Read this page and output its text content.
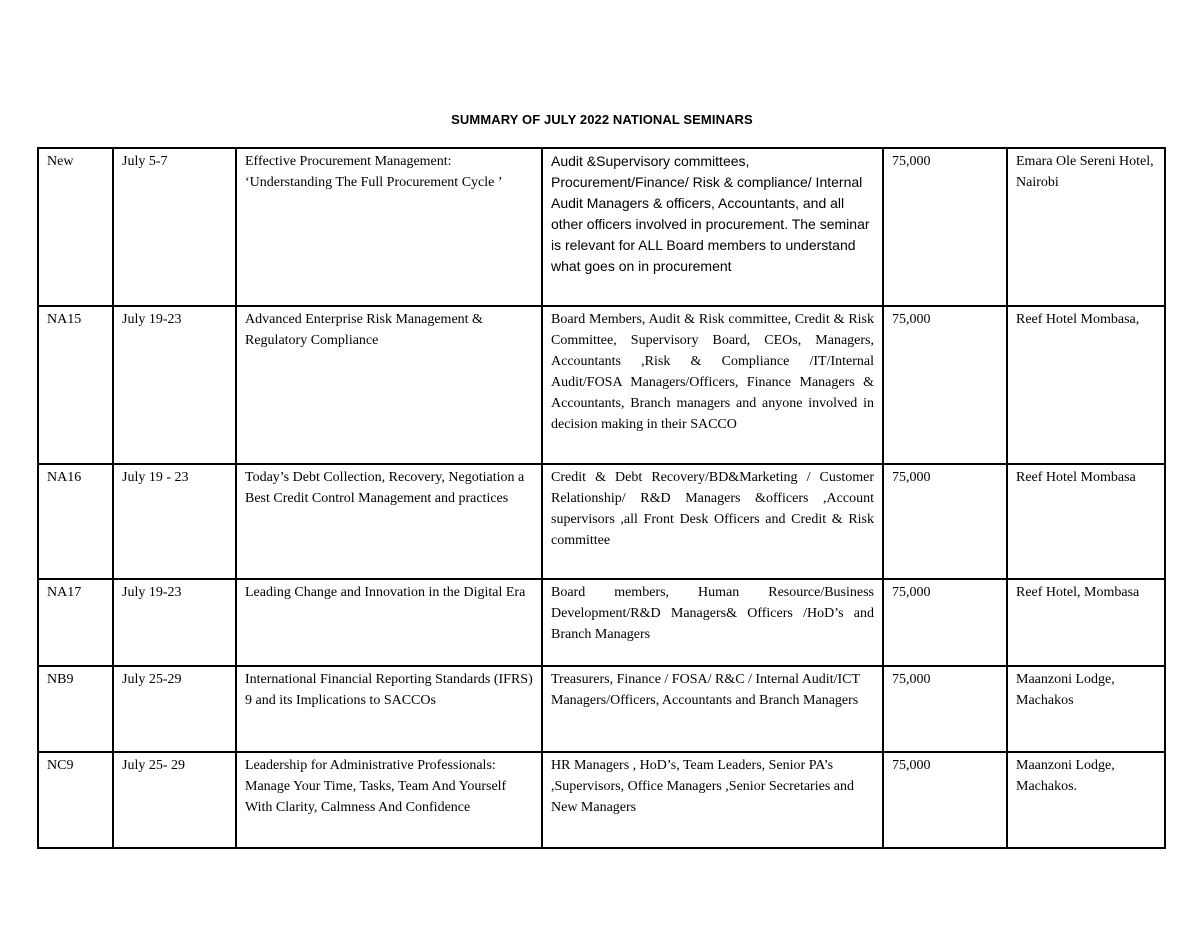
SUMMARY OF JULY 2022 NATIONAL SEMINARS
New	July 5-7	Effective Procurement Management: ‘Understanding The Full Procurement Cycle ’	Audit &Supervisory committees, Procurement/Finance/ Risk & compliance/ Internal Audit Managers & officers, Accountants, and all other officers involved in procurement. The seminar is relevant for ALL Board members to understand what goes on in procurement	75,000	Emara Ole Sereni Hotel, Nairobi
NA15	July 19-23	Advanced Enterprise Risk Management & Regulatory Compliance	Board Members, Audit & Risk committee, Credit & Risk Committee, Supervisory Board, CEOs, Managers, Accountants ,Risk & Compliance /IT/Internal Audit/FOSA Managers/Officers, Finance Managers & Accountants, Branch managers and anyone involved in decision making in their SACCO	75,000	Reef Hotel Mombasa,
NA16	July 19 - 23	Today’s Debt Collection, Recovery, Negotiation a Best Credit Control Management and practices	Credit & Debt Recovery/BD&Marketing / Customer Relationship/ R&D Managers &officers ,Account supervisors ,all Front Desk Officers and Credit & Risk committee	75,000	Reef Hotel Mombasa
NA17	July 19-23	Leading Change and Innovation in the Digital Era	Board members, Human Resource/Business Development/R&D Managers& Officers /HoD’s and Branch Managers	75,000	Reef Hotel, Mombasa
NB9	July 25-29	International Financial Reporting Standards (IFRS) 9 and its Implications to SACCOs	Treasurers, Finance / FOSA/ R&C / Internal Audit/ICT Managers/Officers, Accountants and Branch Managers	75,000	Maanzoni Lodge, Machakos
NC9	July 25- 29	Leadership for Administrative Professionals: Manage Your Time, Tasks, Team And Yourself With Clarity, Calmness And Confidence	HR Managers , HoD’s, Team Leaders, Senior PA’s ,Supervisors, Office Managers ,Senior Secretaries and New Managers	75,000	Maanzoni Lodge, Machakos.
